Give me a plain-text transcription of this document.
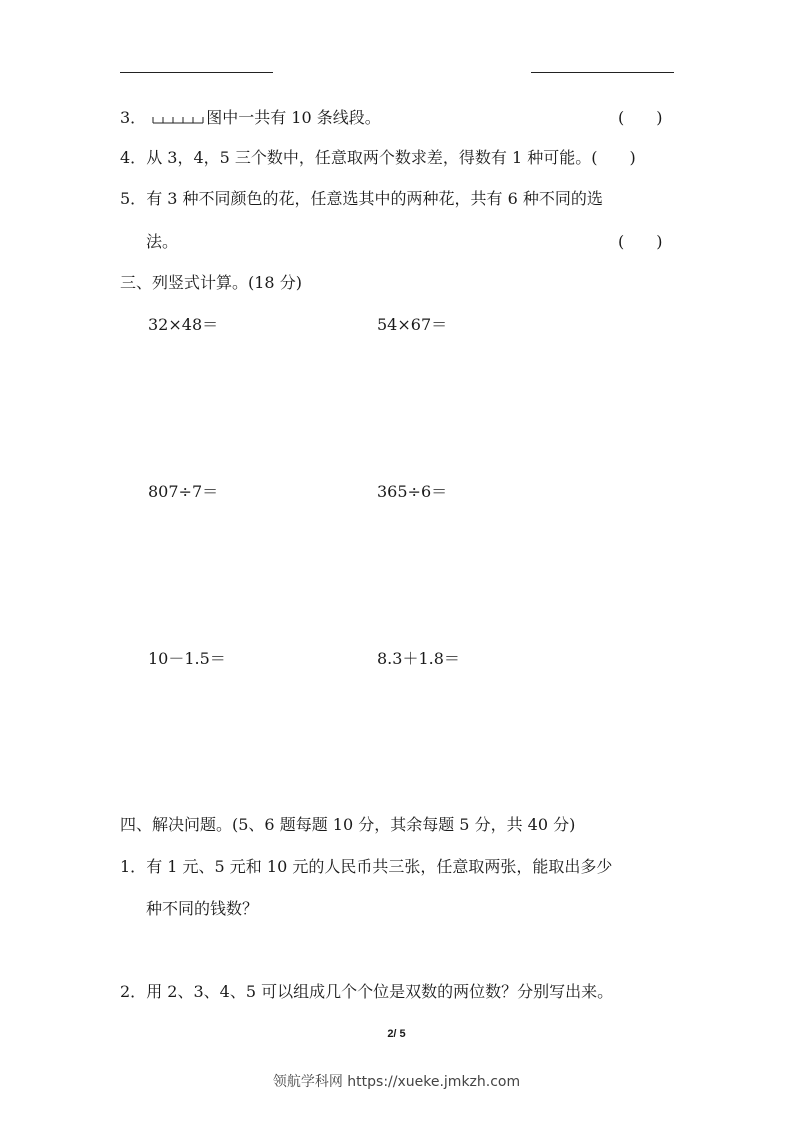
3．	图中一共有 10 条线段。	(　　)
4．从 3，4，5 三个数中，任意取两个数求差，得数有 1 种可能。(　　)
5．有 3 种不同颜色的花，任意选其中的两种花，共有 6 种不同的选
法。	(　　)
三、列竖式计算。(18 分)
32×48＝	54×67＝
807÷7＝	365÷6＝
10－1.5＝	8.3＋1.8＝
四、解决问题。(5、6 题每题 10 分，其余每题 5 分，共 40 分)
1．有 1 元、5 元和 10 元的人民币共三张，任意取两张，能取出多少
种不同的钱数？
2．用 2、3、4、5 可以组成几个个位是双数的两位数？分别写出来。
2/ 5
领航学科网 https://xueke.jmkzh.com
